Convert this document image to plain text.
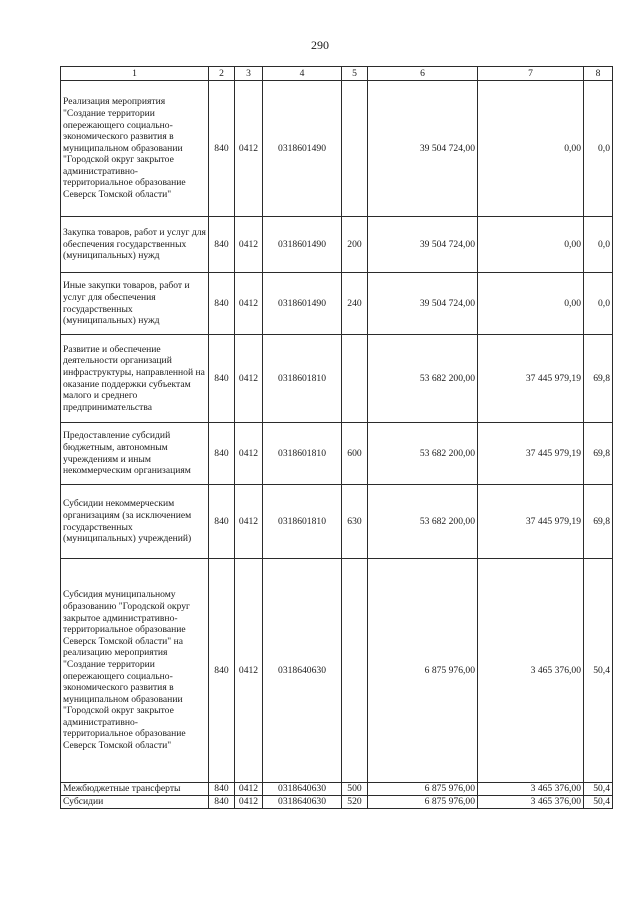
290
1	2	3	4	5	6	7	8
Реализация мероприятия "Создание территории опережающего социально-экономического развития в муниципальном образовании "Городской округ закрытое административно-территориальное образование Северск Томской области"	840	0412	0318601490		39 504 724,00	0,00	0,0
Закупка товаров, работ и услуг для обеспечения государственных (муниципальных) нужд	840	0412	0318601490	200	39 504 724,00	0,00	0,0
Иные закупки товаров, работ и услуг для обеспечения государственных (муниципальных) нужд	840	0412	0318601490	240	39 504 724,00	0,00	0,0
Развитие и обеспечение деятельности организаций инфраструктуры, направленной на оказание поддержки субъектам малого и среднего предпринимательства	840	0412	0318601810		53 682 200,00	37 445 979,19	69,8
Предоставление субсидий бюджетным, автономным учреждениям и иным некоммерческим организациям	840	0412	0318601810	600	53 682 200,00	37 445 979,19	69,8
Субсидии некоммерческим организациям (за исключением государственных (муниципальных) учреждений)	840	0412	0318601810	630	53 682 200,00	37 445 979,19	69,8
Субсидия муниципальному образованию "Городской округ закрытое административно-территориальное образование Северск Томской области" на реализацию мероприятия "Создание территории опережающего социально-экономического развития в муниципальном образовании "Городской округ закрытое административно-территориальное образование Северск Томской области"	840	0412	0318640630		6 875 976,00	3 465 376,00	50,4
Межбюджетные трансферты	840	0412	0318640630	500	6 875 976,00	3 465 376,00	50,4
Субсидии	840	0412	0318640630	520	6 875 976,00	3 465 376,00	50,4
